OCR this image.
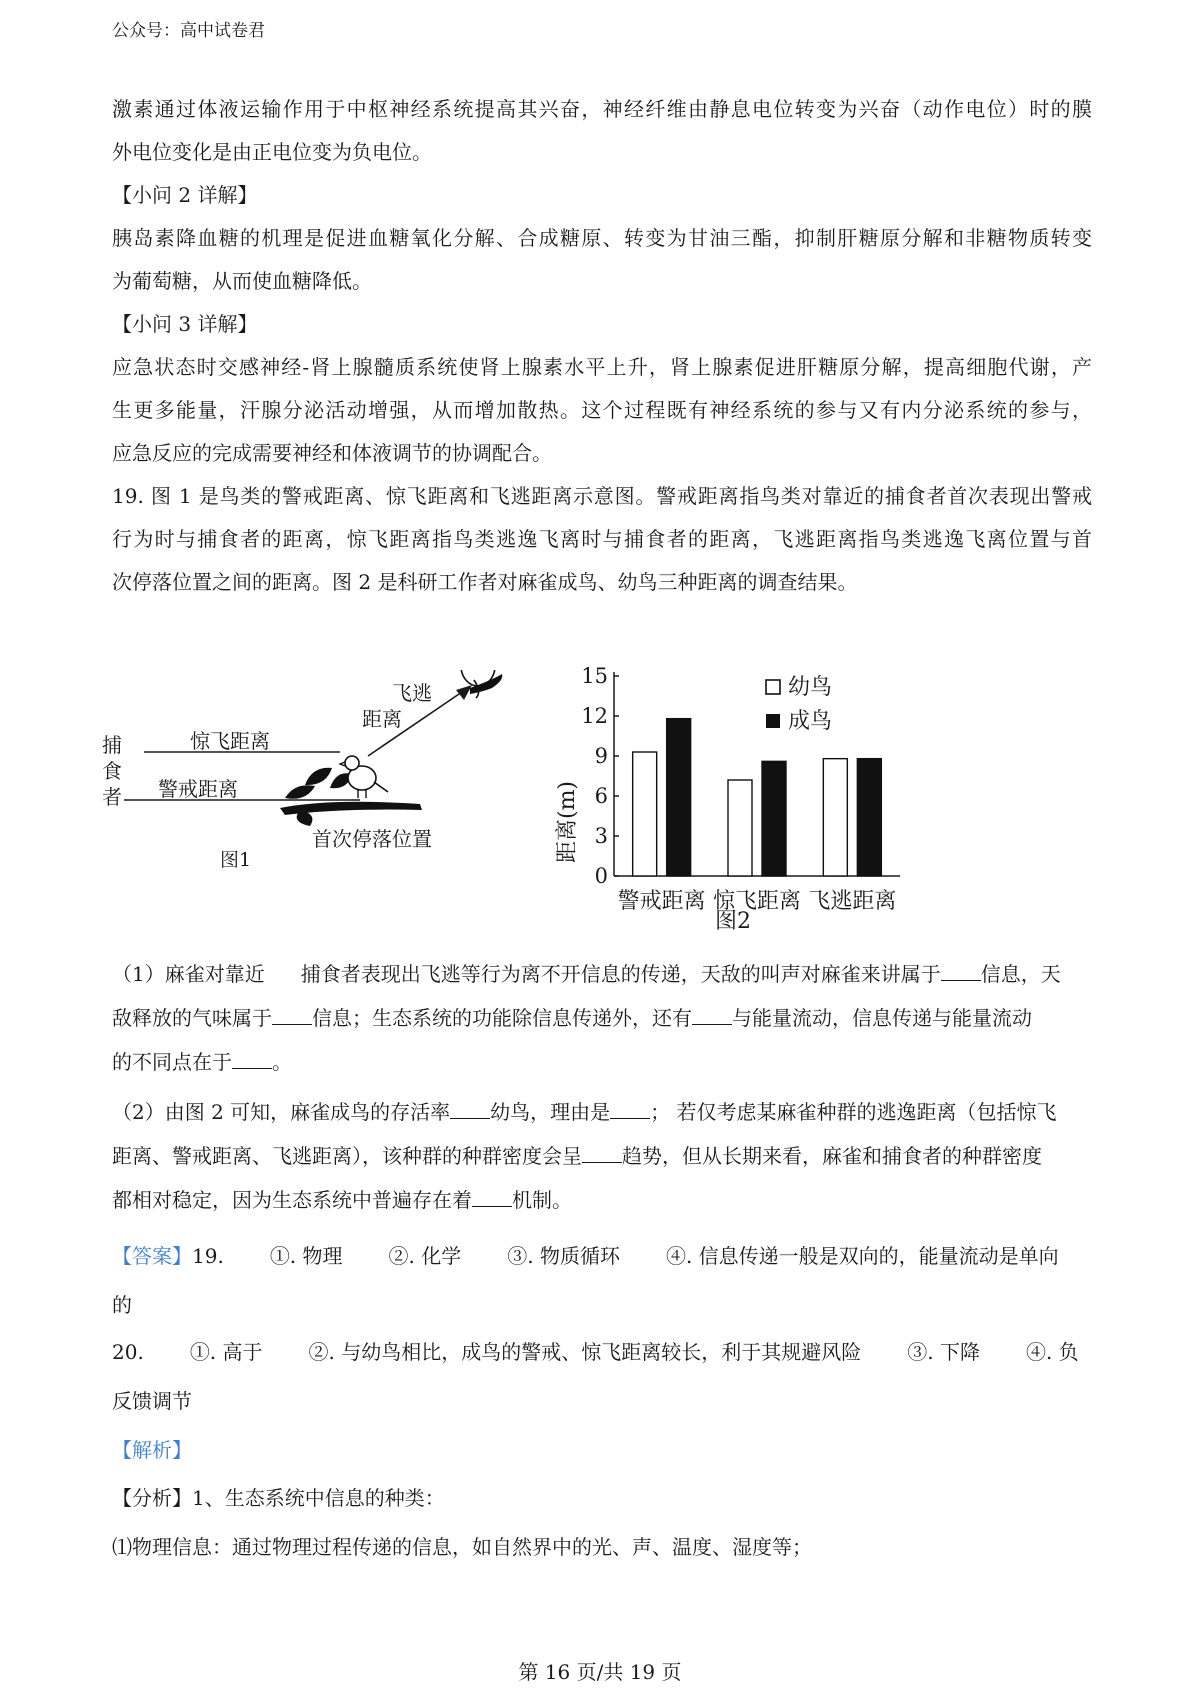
公众号：高中试卷君
激素通过体液运输作用于中枢神经系统提高其兴奋，神经纤维由静息电位转变为兴奋（动作电位）时的膜
外电位变化是由正电位变为负电位。
【小问 2 详解】
胰岛素降血糖的机理是促进血糖氧化分解、合成糖原、转变为甘油三酯，抑制肝糖原分解和非糖物质转变
为葡萄糖，从而使血糖降低。
【小问 3 详解】
应急状态时交感神经-肾上腺髓质系统使肾上腺素水平上升，肾上腺素促进肝糖原分解，提高细胞代谢，产
生更多能量，汗腺分泌活动增强，从而增加散热。这个过程既有神经系统的参与又有内分泌系统的参与，
应急反应的完成需要神经和体液调节的协调配合。
19. 图 1 是鸟类的警戒距离、惊飞距离和飞逃距离示意图。警戒距离指鸟类对靠近的捕食者首次表现出警戒
行为时与捕食者的距离，惊飞距离指鸟类逃逸飞离时与捕食者的距离，飞逃距离指鸟类逃逸飞离位置与首
次停落位置之间的距离。图 2 是科研工作者对麻雀成鸟、幼鸟三种距离的调查结果。
捕
食
者
惊飞距离
警戒距离
飞逃
距离
首次停落位置
图1
0
3
6
9
12
15
警戒距离 惊飞距离 飞逃距离
距离(m)
幼鸟
成鸟
图2
（1）麻雀对靠近 捕食者表现出飞逃等行为离不开信息的传递，天敌的叫声对麻雀来讲属于 信息，天
敌释放的气味属于 信息；生态系统的功能除信息传递外，还有 与能量流动，信息传递与能量流动
的不同点在于 。
（2）由图 2 可知，麻雀成鸟的存活率 幼鸟，理由是 ； 若仅考虑某麻雀种群的逃逸距离（包括惊飞
距离、警戒距离、飞逃距离），该种群的种群密度会呈 趋势，但从长期来看，麻雀和捕食者的种群密度
都相对稳定，因为生态系统中普遍存在着 机制。
【答案】19. ①. 物理 ②. 化学 ③. 物质循环 ④. 信息传递一般是双向的，能量流动是单向
的
20. ①. 高于 ②. 与幼鸟相比，成鸟的警戒、惊飞距离较长，利于其规避风险 ③. 下降 ④. 负
反馈调节
【解析】
【分析】1、生态系统中信息的种类：
⑴物理信息：通过物理过程传递的信息，如自然界中的光、声、温度、湿度等；
第 16 页/共 19 页
